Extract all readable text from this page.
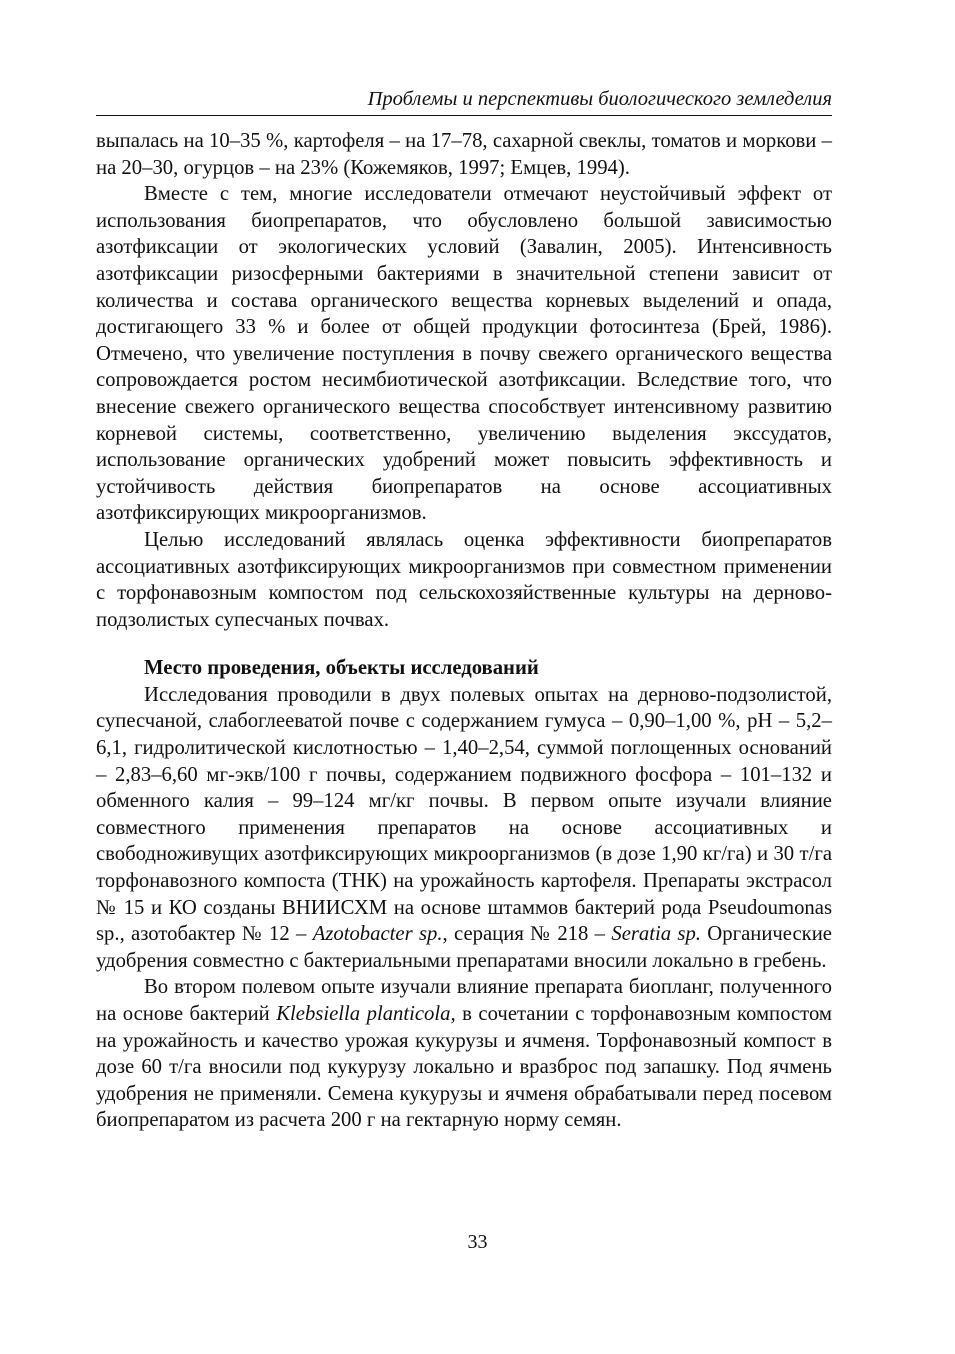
Проблемы и перспективы биологического земледелия

выпалась на 10–35 %, картофеля – на 17–78, сахарной свеклы, томатов и моркови – на 20–30, огурцов – на 23% (Кожемяков, 1997; Емцев, 1994).

Вместе с тем, многие исследователи отмечают неустойчивый эффект от использования биопрепаратов, что обусловлено большой зависимостью азотфиксации от экологических условий (Завалин, 2005). Интенсивность азотфиксации ризосферными бактериями в значительной степени зависит от количества и состава органического вещества корневых выделений и опада, достигающего 33 % и более от общей продукции фотосинтеза (Брей, 1986). Отмечено, что увеличение поступления в почву свежего органического вещества сопровождается ростом несимбиотической азотфиксации. Вследствие того, что внесение свежего органического вещества способствует интенсивному развитию корневой системы, соответственно, увеличению выделения экссудатов, использование органических удобрений может повысить эффективность и устойчивость действия биопрепаратов на основе ассоциативных азотфиксирующих микроорганизмов.

Целью исследований являлась оценка эффективности биопрепаратов ассоциативных азотфиксирующих микроорганизмов при совместном применении с торфонавозным компостом под сельскохозяйственные культуры на дерново-подзолистых супесчаных почвах.

Место проведения, объекты исследований

Исследования проводили в двух полевых опытах на дерново-подзолистой, супесчаной, слабоглееватой почве с содержанием гумуса – 0,90–1,00 %, рН – 5,2–6,1, гидролитической кислотностью – 1,40–2,54, суммой поглощенных оснований – 2,83–6,60 мг-экв/100 г почвы, содержанием подвижного фосфора – 101–132 и обменного калия – 99–124 мг/кг почвы. В первом опыте изучали влияние совместного применения препаратов на основе ассоциативных и свободноживущих азотфиксирующих микроорганизмов (в дозе 1,90 кг/га) и 30 т/га торфонавозного компоста (ТНК) на урожайность картофеля. Препараты экстрасол № 15 и КО созданы ВНИИСХМ на основе штаммов бактерий рода Pseudoumonas sp., азотобактер № 12 – Azotobacter sp., серация № 218 – Seratia sp. Органические удобрения совместно с бактериальными препаратами вносили локально в гребень.

Во втором полевом опыте изучали влияние препарата биопланг, полученного на основе бактерий Klebsiella planticola, в сочетании с торфонавозным компостом на урожайность и качество урожая кукурузы и ячменя. Торфонавозный компост в дозе 60 т/га вносили под кукурузу локально и вразброс под запашку. Под ячмень удобрения не применяли. Семена кукурузы и ячменя обрабатывали перед посевом биопрепаратом из расчета 200 г на гектарную норму семян.

33
